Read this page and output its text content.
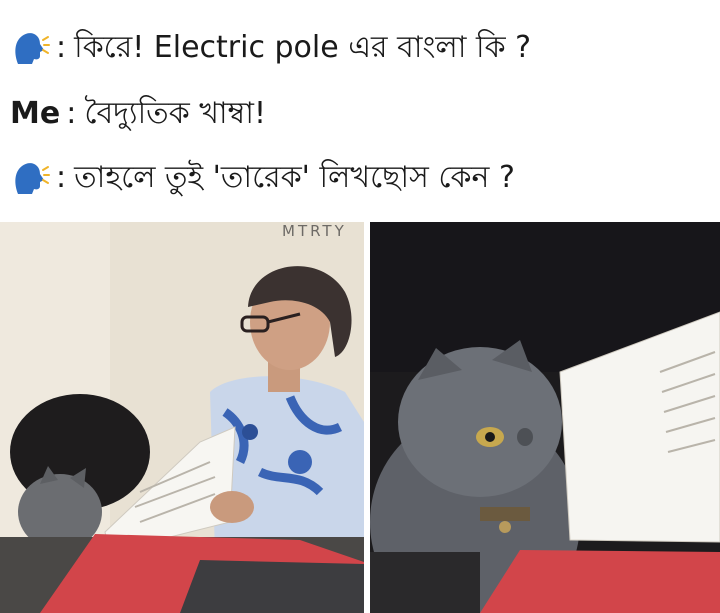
: কিরে! Electric pole এর বাংলা কি ?
Me : বৈদ্যুতিক খাম্বা!
: তাহলে তুই 'তারেক' লিখছোস কেন ?
MTRTY
